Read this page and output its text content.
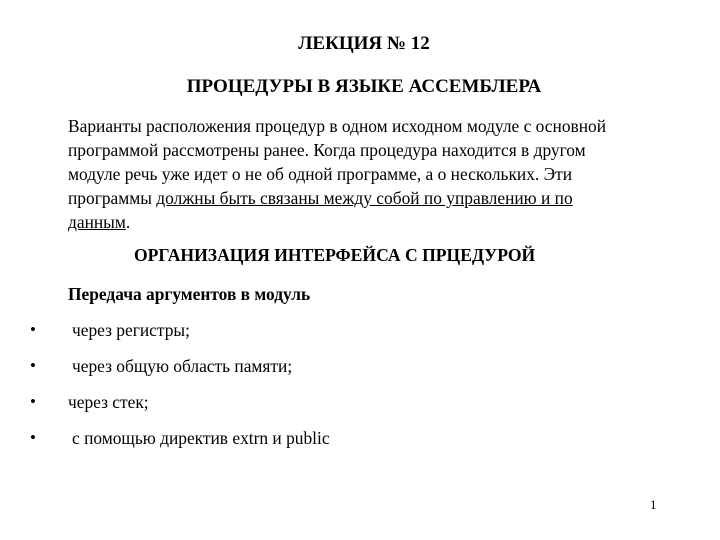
ЛЕКЦИЯ № 12
ПРОЦЕДУРЫ В ЯЗЫКЕ АССЕМБЛЕРА
Варианты расположения процедур в одном исходном модуле с основной
программой рассмотрены ранее. Когда процедура находится в другом
модуле речь уже идет о не об одной программе, а о нескольких. Эти
программы должны быть связаны между собой по управлению и по
данным.
ОРГАНИЗАЦИЯ ИНТЕРФЕЙСА С ПРЦЕДУРОЙ
Передача аргументов в модуль
• через регистры;
• через общую область памяти;
• через стек;
• с помощью директив extrn и public
1
